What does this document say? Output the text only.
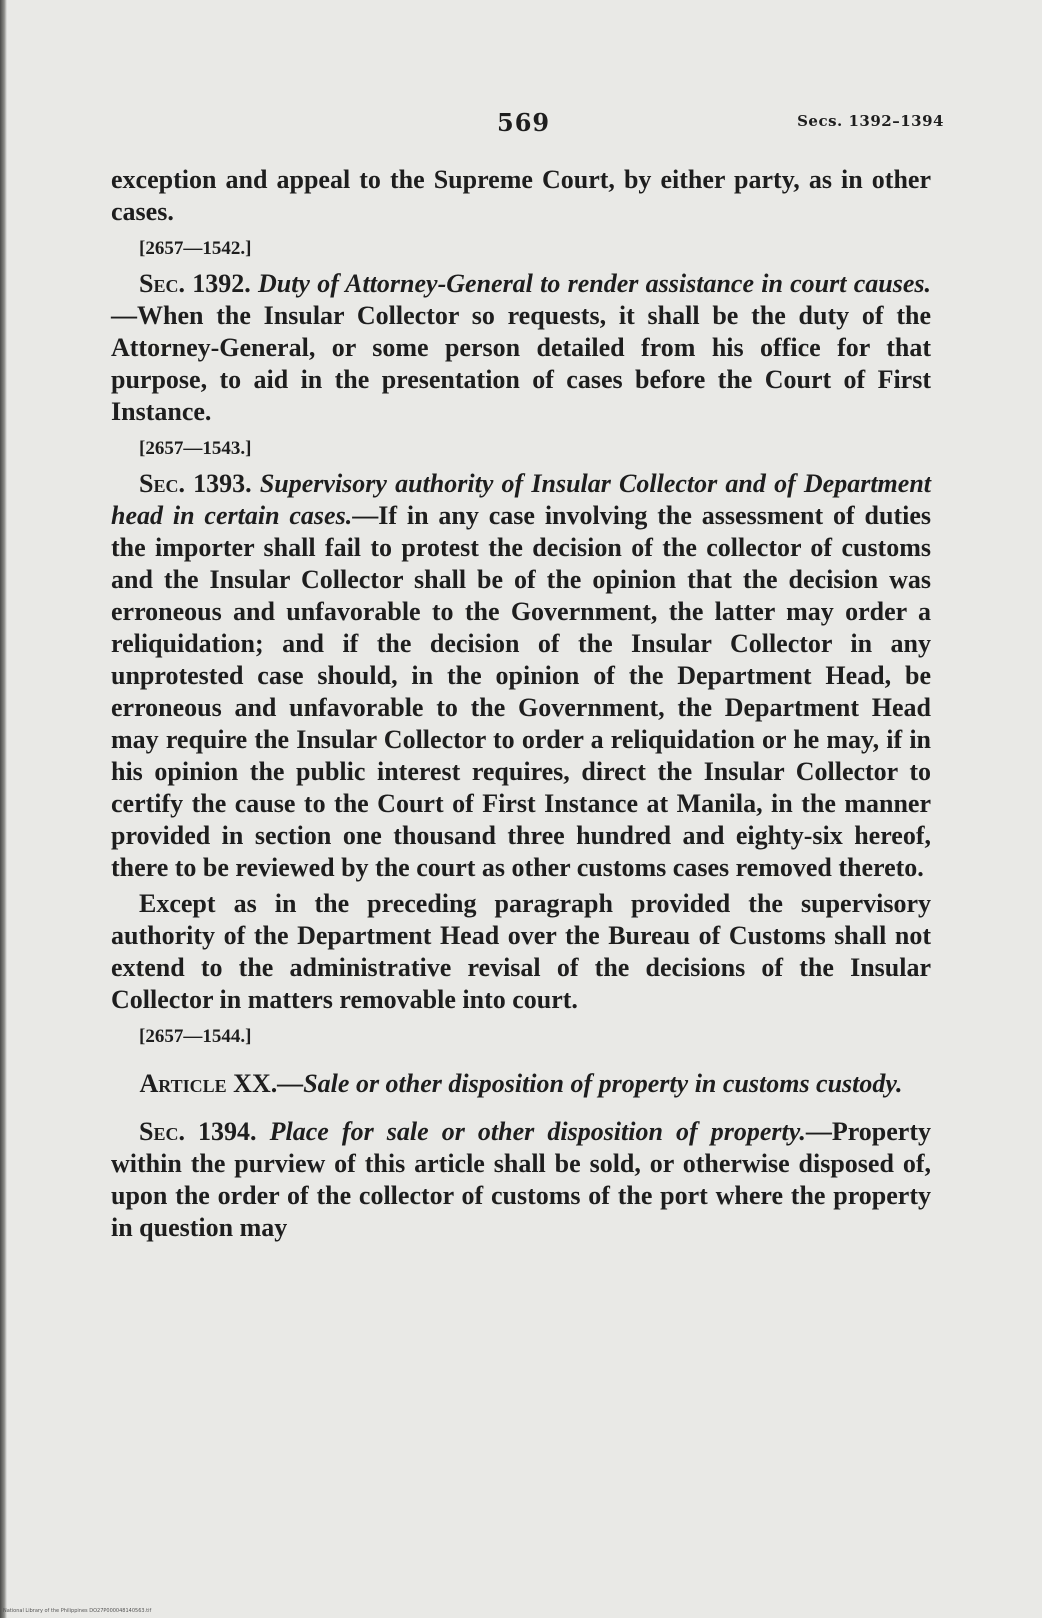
569	Secs. 1392–1394

exception and appeal to the Supreme Court, by either party, as in other cases.

[2657—1542.]

Sec. 1392. Duty of Attorney-General to render assistance in court causes.—When the Insular Collector so requests, it shall be the duty of the Attorney-General, or some person detailed from his office for that purpose, to aid in the presentation of cases before the Court of First Instance.

[2657—1543.]

Sec. 1393. Supervisory authority of Insular Collector and of Department head in certain cases.—If in any case involving the assessment of duties the importer shall fail to protest the decision of the collector of customs and the Insular Collector shall be of the opinion that the decision was erroneous and unfavorable to the Government, the latter may order a reliquidation; and if the decision of the Insular Collector in any unprotested case should, in the opinion of the Department Head, be erroneous and unfavorable to the Government, the Department Head may require the Insular Collector to order a reliquidation or he may, if in his opinion the public interest requires, direct the Insular Collector to certify the cause to the Court of First Instance at Manila, in the manner provided in section one thousand three hundred and eighty-six hereof, there to be reviewed by the court as other customs cases removed thereto.

Except as in the preceding paragraph provided the supervisory authority of the Department Head over the Bureau of Customs shall not extend to the administrative revisal of the decisions of the Insular Collector in matters removable into court.

[2657—1544.]

Article XX.—Sale or other disposition of property in customs custody.

Sec. 1394. Place for sale or other disposition of property.—Property within the purview of this article shall be sold, or otherwise disposed of, upon the order of the collector of customs of the port where the property in question may

National Library of the Philippines DO27P000048140563.tif
